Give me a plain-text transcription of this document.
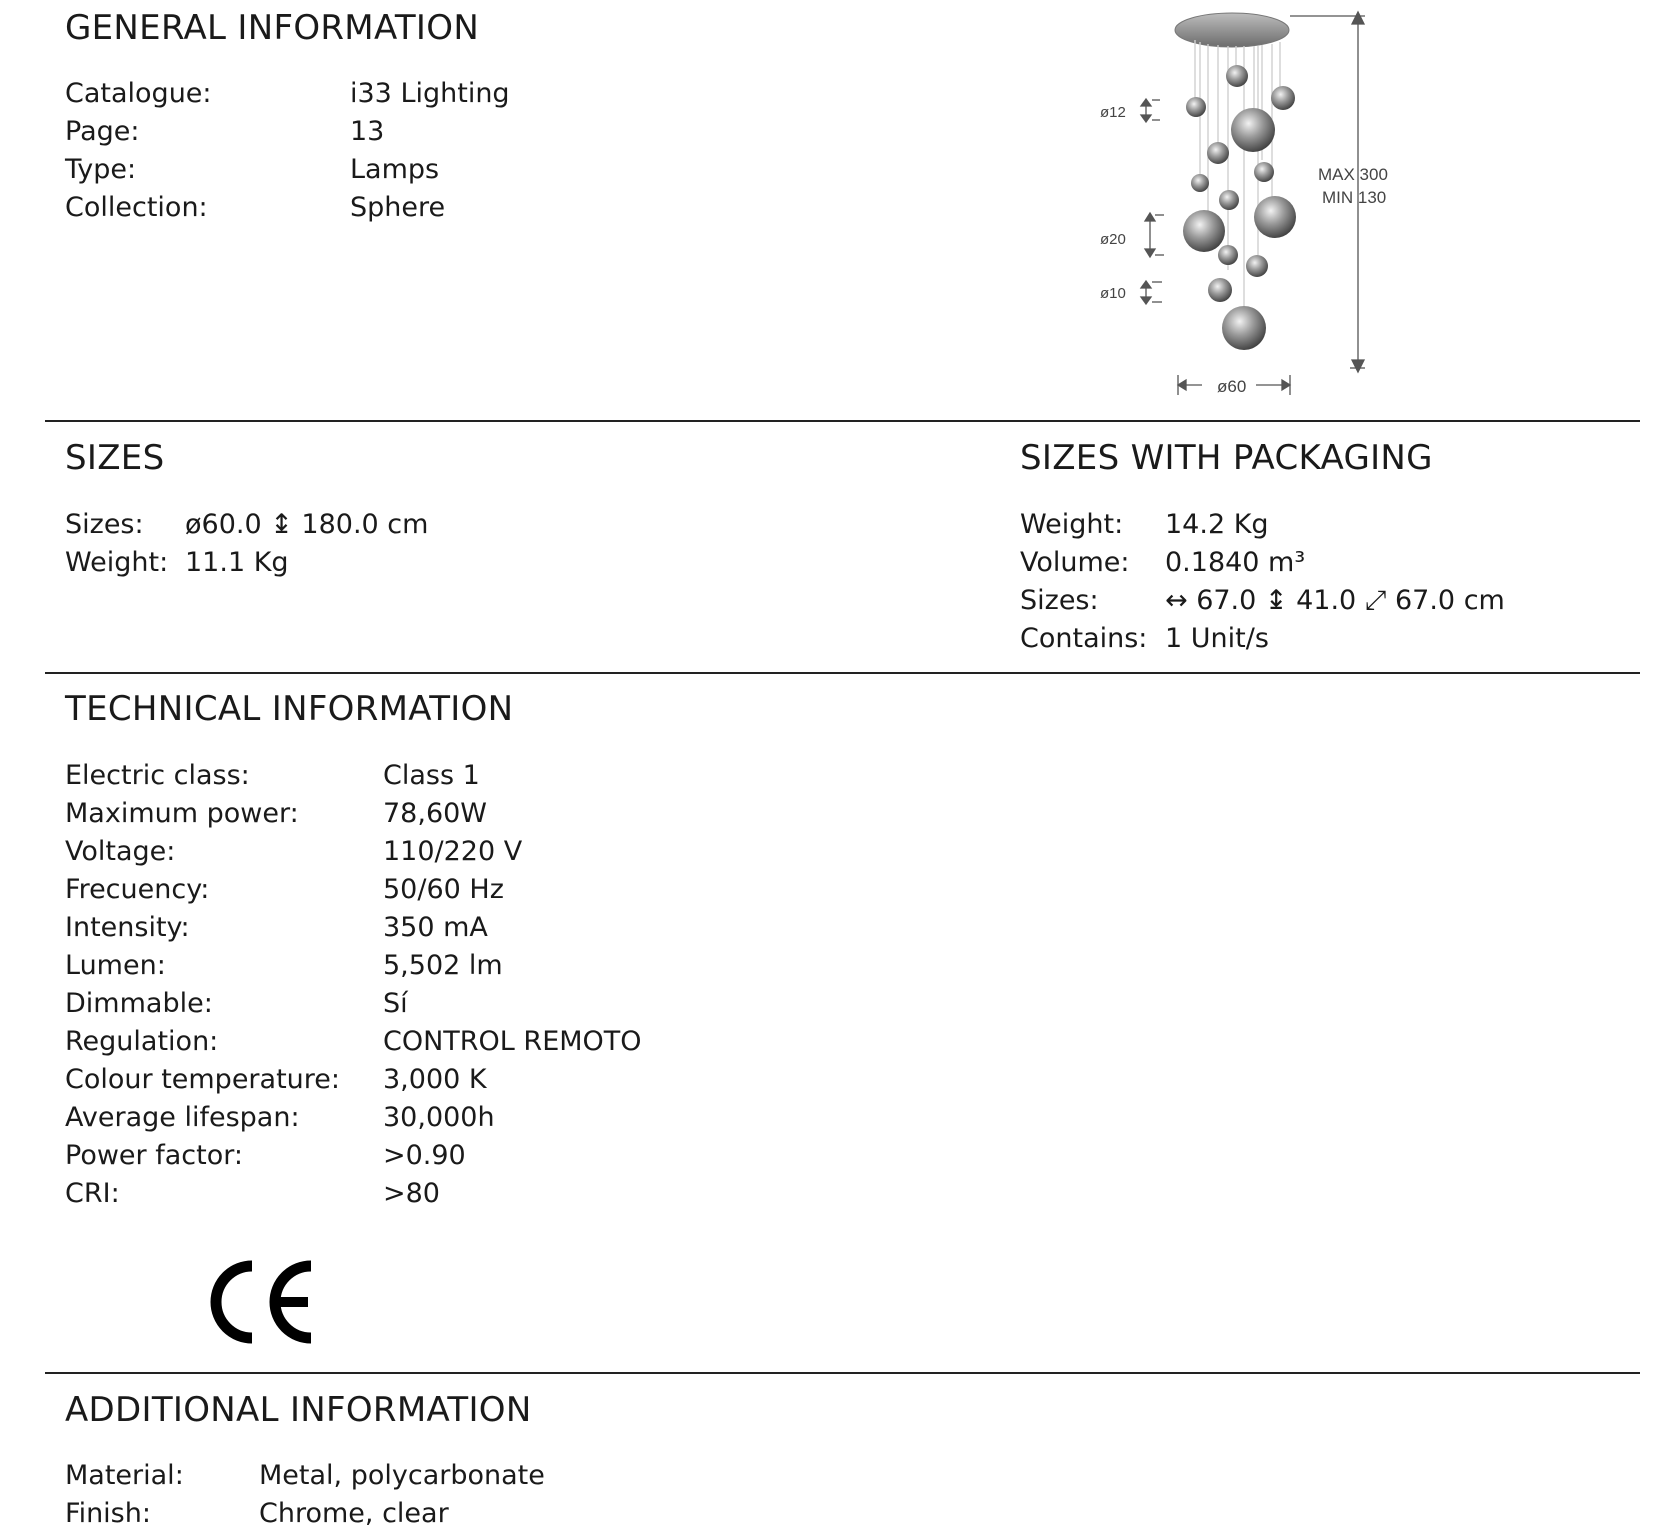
GENERAL INFORMATION
Catalogue:	i33 Lighting
Page:	13
Type:	Lamps
Collection:	Sphere
MAX 300
MIN 130
ø60
ø12
ø20
ø10
SIZES
Sizes:	ø60.0 ↨ 180.0 cm
Weight: 11.1 Kg
SIZES WITH PACKAGING
Weight:	14.2 Kg
Volume:	0.1840 m³
Sizes:	↔ 67.0 ↨ 41.0 ⤢ 67.0 cm
Contains: 1 Unit/s
TECHNICAL INFORMATION
Electric class:	Class 1
Maximum power:	78,60W
Voltage:	110/220 V
Frecuency:	50/60 Hz
Intensity:	350 mA
Lumen:	5,502 lm
Dimmable:	Sí
Regulation:	CONTROL REMOTO
Colour temperature:	3,000 K
Average lifespan:	30,000h
Power factor:	>0.90
CRI:	>80
ADDITIONAL INFORMATION
Material:	Metal, polycarbonate
Finish:	Chrome, clear
